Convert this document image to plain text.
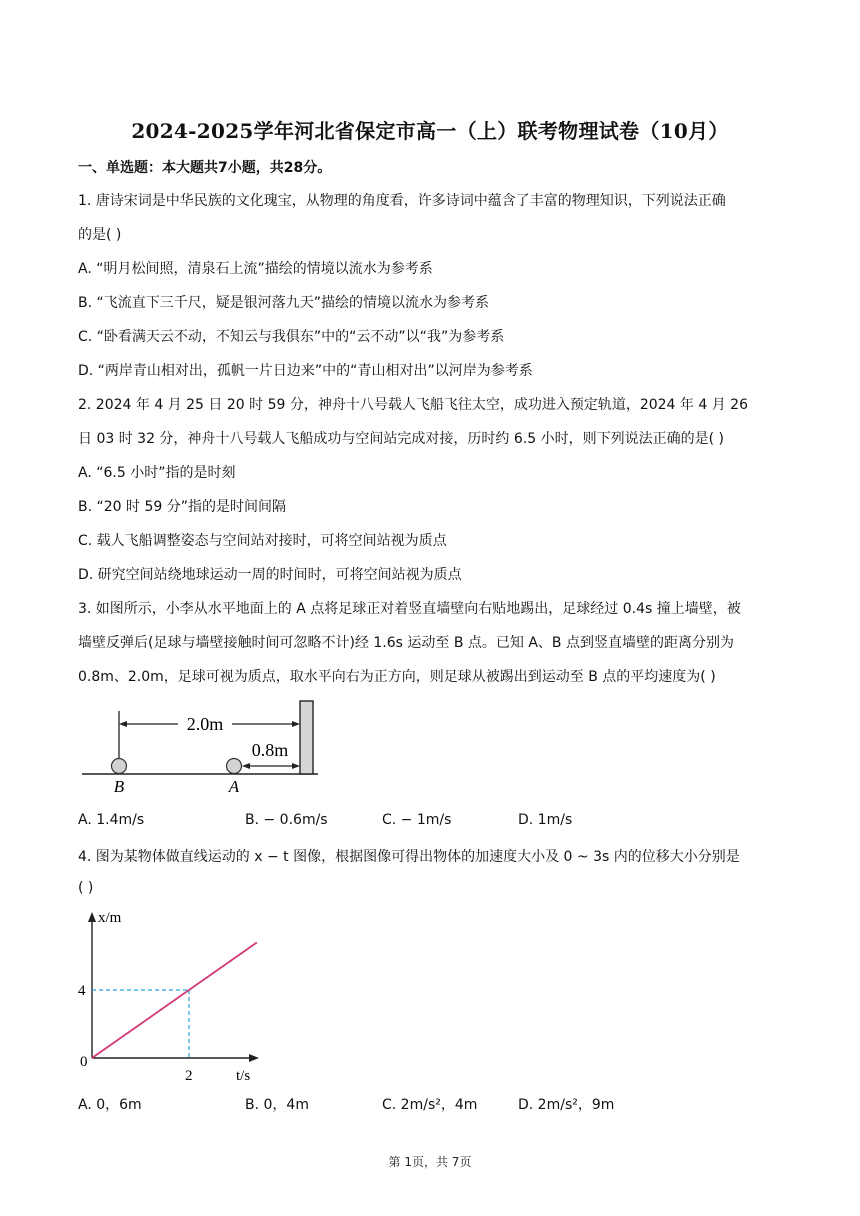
2024-2025学年河北省保定市高一（上）联考物理试卷（10月）
一、单选题：本大题共7小题，共28分。
1. 唐诗宋词是中华民族的文化瑰宝，从物理的角度看，许多诗词中蕴含了丰富的物理知识，下列说法正确
的是( )
A. “明月松间照，清泉石上流”描绘的情境以流水为参考系
B. “飞流直下三千尺，疑是银河落九天”描绘的情境以流水为参考系
C. “卧看满天云不动，不知云与我俱东”中的“云不动”以“我”为参考系
D. “两岸青山相对出，孤帆一片日边来”中的“青山相对出”以河岸为参考系
2. 2024 年 4 月 25 日 20 时 59 分，神舟十八号载人飞船飞往太空，成功进入预定轨道，2024 年 4 月 26
日 03 时 32 分，神舟十八号载人飞船成功与空间站完成对接，历时约 6.5 小时，则下列说法正确的是( )
A. “6.5 小时”指的是时刻
B. “20 时 59 分”指的是时间间隔
C. 载人飞船调整姿态与空间站对接时，可将空间站视为质点
D. 研究空间站绕地球运动一周的时间时，可将空间站视为质点
3. 如图所示，小李从水平地面上的 A 点将足球正对着竖直墙壁向右贴地踢出，足球经过 0.4s 撞上墙壁，被
墙壁反弹后(足球与墙壁接触时间可忽略不计)经 1.6s 运动至 B 点。已知 A、B 点到竖直墙壁的距离分别为
0.8m、2.0m，足球可视为质点，取水平向右为正方向，则足球从被踢出到运动至 B 点的平均速度为( )
2.0m
0.8m
B	A
A. 1.4m/s	B. − 0.6m/s	C. − 1m/s	D. 1m/s
4. 图为某物体做直线运动的 x − t 图像，根据图像可得出物体的加速度大小及 0 ~ 3s 内的位移大小分别是
( )
x/m
t/s
0
4
2
A. 0，6m	B. 0，4m	C. 2m/s²，4m	D. 2m/s²，9m
第 1页，共 7页
